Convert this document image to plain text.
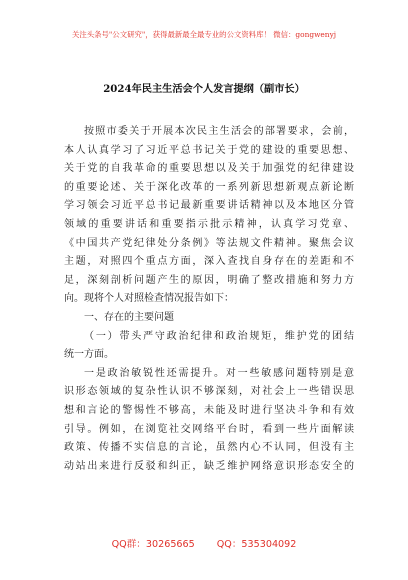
关注头条号"公文研究"，获得最新最全最专业的公文资料库！ 微信：gongwenyj
2024年民主生活会个人发言提纲（副市长）
按照市委关于开展本次民主生活会的部署要求，会前，
本人认真学习了习近平总书记关于党的建设的重要思想、
关于党的自我革命的重要思想以及关于加强党的纪律建设
的重要论述、关于深化改革的一系列新思想新观点新论断
学习领会习近平总书记最新重要讲话精神以及本地区分管
领域的重要讲话和重要指示批示精神，认真学习党章、
《中国共产党纪律处分条例》等法规文件精神。聚焦会议
主题，对照四个重点方面，深入查找自身存在的差距和不
足，深刻剖析问题产生的原因，明确了整改措施和努力方
向。现将个人对照检查情况报告如下：
一、存在的主要问题
（一）带头严守政治纪律和政治规矩，维护党的团结
统一方面。
一是政治敏锐性还需提升。对一些敏感问题特别是意
识形态领域的复杂性认识不够深刻，对社会上一些错误思
想和言论的警惕性不够高，未能及时进行坚决斗争和有效
引导。例如，在浏览社交网络平台时，看到一些片面解读
政策、传播不实信息的言论，虽然内心不认同，但没有主
动站出来进行反驳和纠正，缺乏维护网络意识形态安全的
QQ群：30265665 QQ：535304092
